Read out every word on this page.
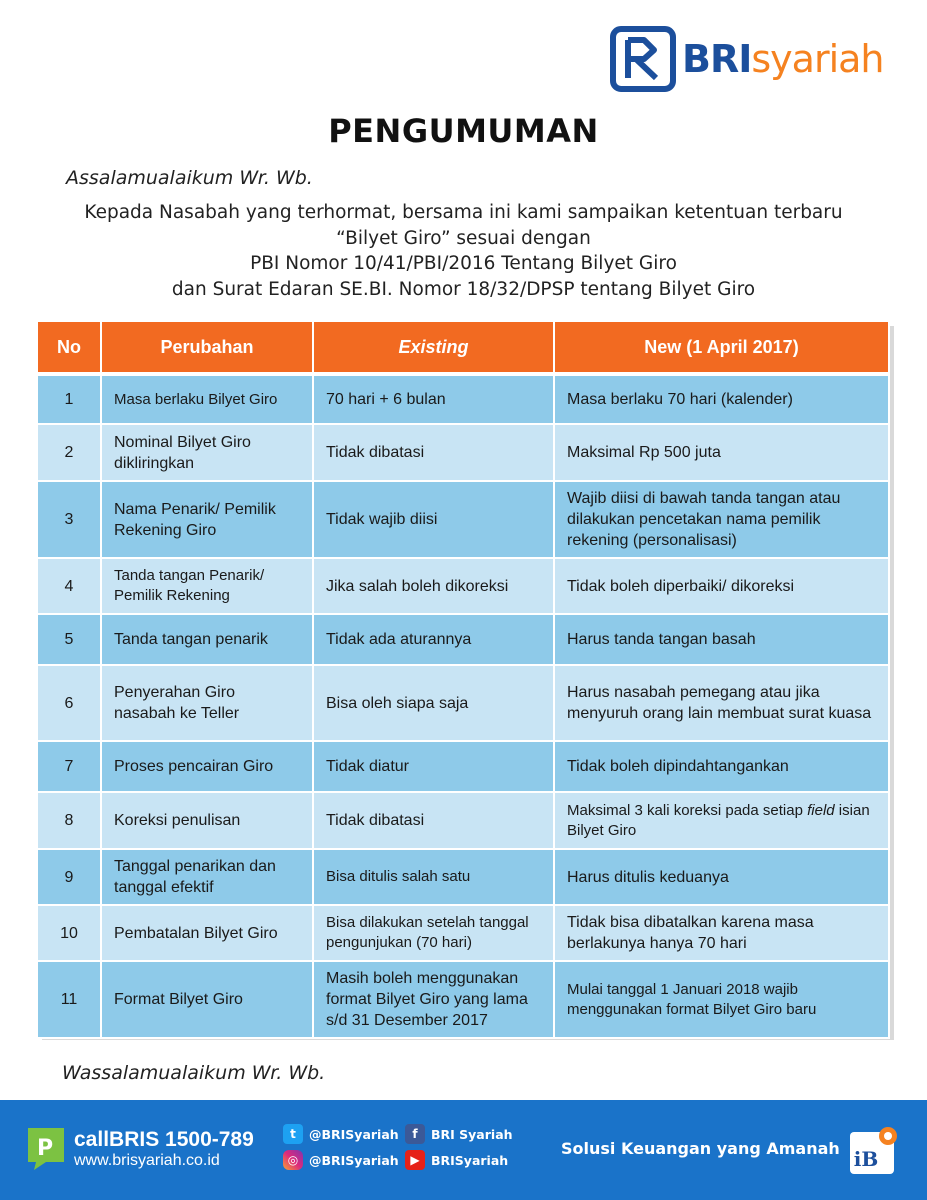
BRIsyariah
PENGUMUMAN
Assalamualaikum Wr. Wb.
Kepada Nasabah yang terhormat, bersama ini kami sampaikan ketentuan terbaru
“Bilyet Giro” sesuai dengan
PBI Nomor 10/41/PBI/2016 Tentang Bilyet Giro
dan Surat Edaran SE.BI. Nomor 18/32/DPSP tentang Bilyet Giro
No	Perubahan	Existing	New (1 April 2017)

1	Masa berlaku Bilyet Giro	70 hari + 6 bulan	Masa berlaku 70 hari (kalender)
2	Nominal Bilyet Giro dikliringkan	Tidak dibatasi	Maksimal Rp 500 juta
3	Nama Penarik/ Pemilik Rekening Giro	Tidak wajib diisi	Wajib diisi di bawah tanda tangan atau dilakukan pencetakan nama pemilik rekening (personalisasi)
4	Tanda tangan Penarik/ Pemilik Rekening	Jika salah boleh dikoreksi	Tidak boleh diperbaiki/ dikoreksi
5	Tanda tangan penarik	Tidak ada aturannya	Harus tanda tangan basah
6	Penyerahan Giro nasabah ke Teller	Bisa oleh siapa saja	Harus nasabah pemegang atau jika menyuruh orang lain membuat surat kuasa
7	Proses pencairan Giro	Tidak diatur	Tidak boleh dipindahtangankan
8	Koreksi penulisan	Tidak dibatasi	Maksimal 3 kali koreksi pada setiap field isian Bilyet Giro
9	Tanggal penarikan dan tanggal efektif	Bisa ditulis salah satu	Harus ditulis keduanya
10	Pembatalan Bilyet Giro	Bisa dilakukan setelah tanggal pengunjukan (70 hari)	Tidak bisa dibatalkan karena masa berlakunya hanya 70 hari
11	Format Bilyet Giro	Masih boleh menggunakan format Bilyet Giro yang lama s/d 31 Desember 2017	Mulai tanggal 1 Januari 2018 wajib menggunakan format Bilyet Giro baru
Wassalamualaikum Wr. Wb.
P callBRIS 1500-789
www.brisyariah.co.id
t	@BRISyariah
◎ @BRISyariah
f	BRI Syariah
▶ BRISyariah
Solusi Keuangan yang Amanah iB
